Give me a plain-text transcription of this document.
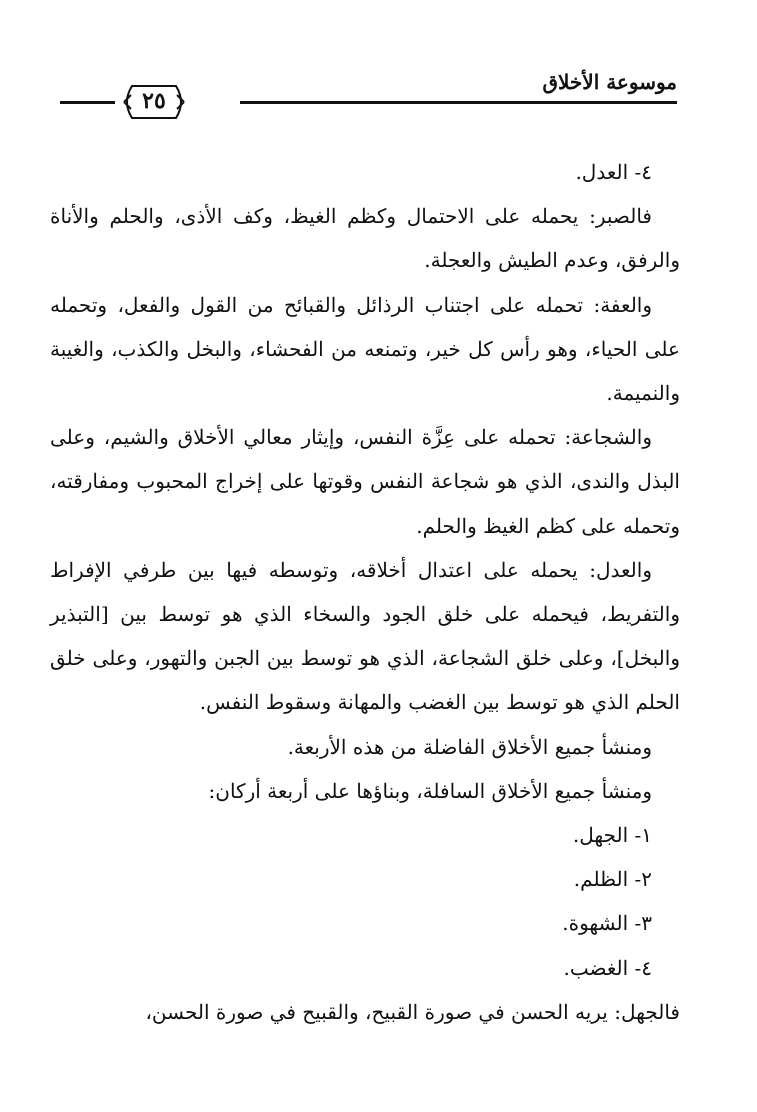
موسوعة الأخلاق
٢٥

٤- العدل.

فالصبر: يحمله على الاحتمال وكظم الغيظ، وكف الأذى، والحلم والأناة والرفق، وعدم الطيش والعجلة.

والعفة: تحمله على اجتناب الرذائل والقبائح من القول والفعل، وتحمله على الحياء، وهو رأس كل خير، وتمنعه من الفحشاء، والبخل والكذب، والغيبة والنميمة.

والشجاعة: تحمله على عِزَّة النفس، وإيثار معالي الأخلاق والشيم، وعلى البذل والندى، الذي هو شجاعة النفس وقوتها على إخراج المحبوب ومفارقته، وتحمله على كظم الغيظ والحلم.

والعدل: يحمله على اعتدال أخلاقه، وتوسطه فيها بين طرفي الإفراط والتفريط، فيحمله على خلق الجود والسخاء الذي هو توسط بين [التبذير والبخل]، وعلى خلق الشجاعة، الذي هو توسط بين الجبن والتهور، وعلى خلق الحلم الذي هو توسط بين الغضب والمهانة وسقوط النفس.

ومنشأ جميع الأخلاق الفاضلة من هذه الأربعة.

ومنشأ جميع الأخلاق السافلة، وبناؤها على أربعة أركان:

١- الجهل.

٢- الظلم.

٣- الشهوة.

٤- الغضب.

فالجهل: يريه الحسن في صورة القبيح، والقبيح في صورة الحسن،
